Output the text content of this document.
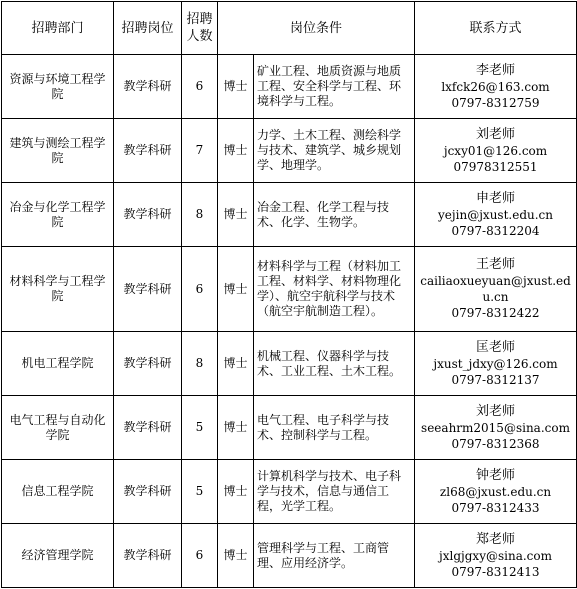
招聘部门	招聘岗位	招聘人数	岗位条件		联系方式
资源与环境工程学院	教学科研	6	博士	矿业工程、地质资源与地质工程、安全科学与工程、环境科学与工程。	李老师
lxfck26@163.com
0797-8312759

建筑与测绘工程学院	教学科研	7	博士	力学、土木工程、测绘科学与技术、建筑学、城乡规划学、地理学。	刘老师
jcxy01@126.com
07978312551

冶金与化学工程学院	教学科研	8	博士	冶金工程、化学工程与技术、化学、生物学。	申老师
yejin@jxust.edu.cn
0797-8312204

材料科学与工程学院	教学科研	6	博士	材料科学与工程（材料加工工程、材料学、材料物理化学）、航空宇航科学与技术（航空宇航制造工程）。	王老师
cailiaoxueyuan@jxust.edu.cn
0797-8312422

机电工程学院	教学科研	8	博士	机械工程、仪器科学与技术、工业工程、土木工程。	匡老师
jxust_jdxy@126.com
0797-8312137

电气工程与自动化学院	教学科研	5	博士	电气工程、电子科学与技术、控制科学与工程。	刘老师
seeahrm2015@sina.com
0797-8312368

信息工程学院	教学科研	5	博士	计算机科学与技术、电子科学与技术，信息与通信工程，光学工程。	钟老师
zl68@jxust.edu.cn
0797-8312433

经济管理学院	教学科研	6	博士	管理科学与工程、工商管理、应用经济学。	郑老师
jxlgjgxy@sina.com
0797-8312413
